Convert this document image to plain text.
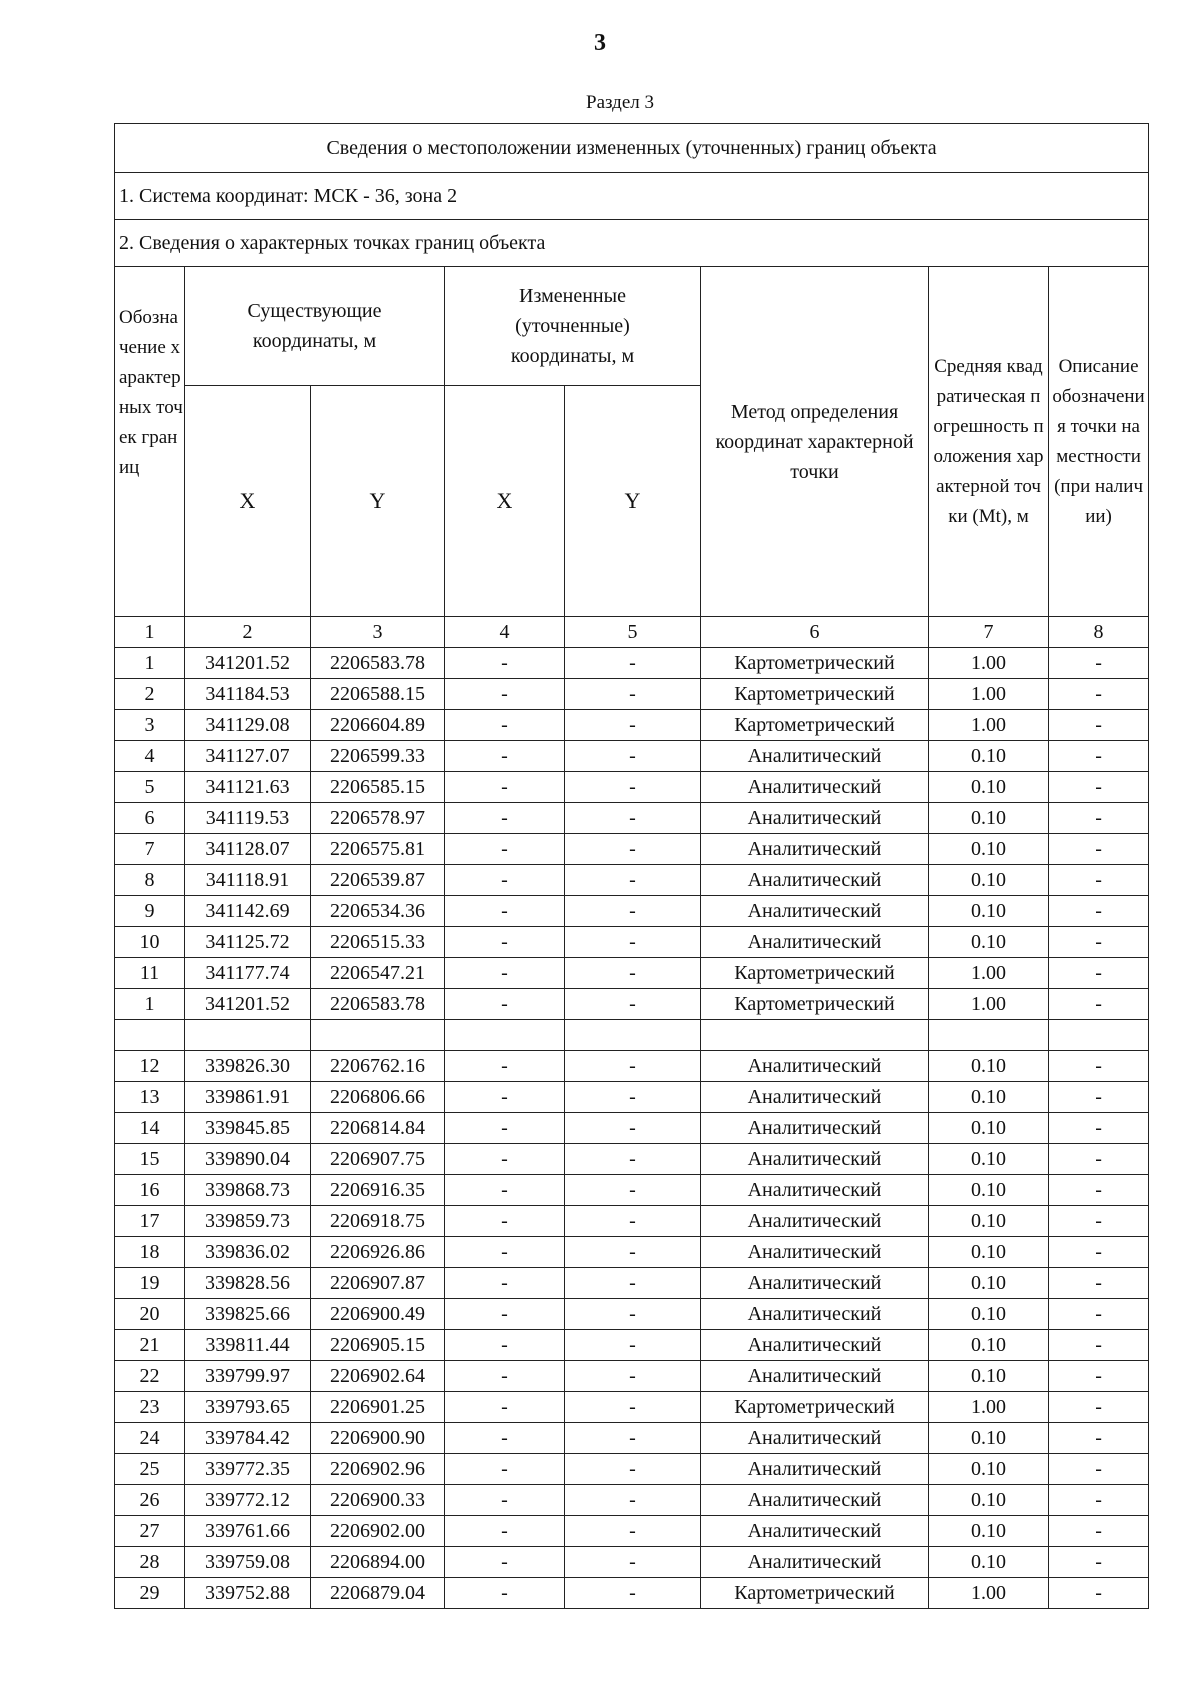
3
Раздел 3
Сведения о местоположении измененных (уточненных) границ объекта							
1. Система координат: МСК - 36, зона 2							
2. Сведения о характерных точках границ объекта							
Обозначение характерных точек границ	Существующие координаты, м		Измененные (уточненные) координаты, м		Метод определения координат характерной точки	Средняя квадратическая погрешность положения характерной точки (Mt), м	Описание обозначения точки на местности (при наличии)
	X	Y	X	Y			
1	2	3	4	5	6	7	8
1	341201.52	2206583.78	-	-	Картометрический	1.00	-
2	341184.53	2206588.15	-	-	Картометрический	1.00	-
3	341129.08	2206604.89	-	-	Картометрический	1.00	-
4	341127.07	2206599.33	-	-	Аналитический	0.10	-
5	341121.63	2206585.15	-	-	Аналитический	0.10	-
6	341119.53	2206578.97	-	-	Аналитический	0.10	-
7	341128.07	2206575.81	-	-	Аналитический	0.10	-
8	341118.91	2206539.87	-	-	Аналитический	0.10	-
9	341142.69	2206534.36	-	-	Аналитический	0.10	-
10	341125.72	2206515.33	-	-	Аналитический	0.10	-
11	341177.74	2206547.21	-	-	Картометрический	1.00	-
1	341201.52	2206583.78	-	-	Картометрический	1.00	-

12	339826.30	2206762.16	-	-	Аналитический	0.10	-
13	339861.91	2206806.66	-	-	Аналитический	0.10	-
14	339845.85	2206814.84	-	-	Аналитический	0.10	-
15	339890.04	2206907.75	-	-	Аналитический	0.10	-
16	339868.73	2206916.35	-	-	Аналитический	0.10	-
17	339859.73	2206918.75	-	-	Аналитический	0.10	-
18	339836.02	2206926.86	-	-	Аналитический	0.10	-
19	339828.56	2206907.87	-	-	Аналитический	0.10	-
20	339825.66	2206900.49	-	-	Аналитический	0.10	-
21	339811.44	2206905.15	-	-	Аналитический	0.10	-
22	339799.97	2206902.64	-	-	Аналитический	0.10	-
23	339793.65	2206901.25	-	-	Картометрический	1.00	-
24	339784.42	2206900.90	-	-	Аналитический	0.10	-
25	339772.35	2206902.96	-	-	Аналитический	0.10	-
26	339772.12	2206900.33	-	-	Аналитический	0.10	-
27	339761.66	2206902.00	-	-	Аналитический	0.10	-
28	339759.08	2206894.00	-	-	Аналитический	0.10	-
29	339752.88	2206879.04	-	-	Картометрический	1.00	-
